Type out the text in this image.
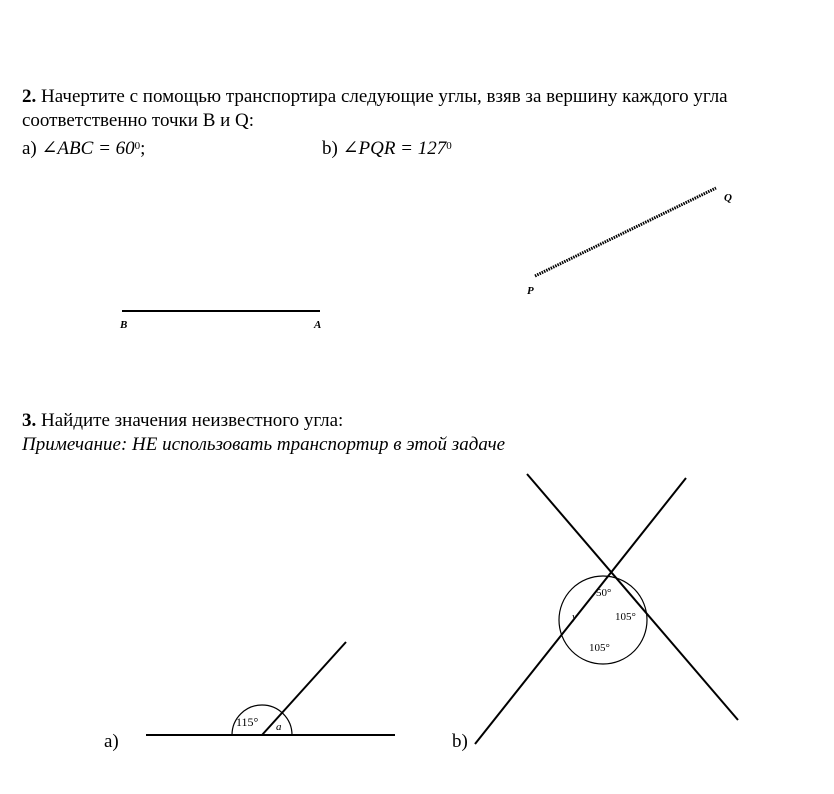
2. Начертите с помощью транспортира следующие углы, взяв за вершину каждого угла
соответственно точки B и Q:
a) ∠ABC = $60^0$;	b) ∠PQR = $127^0$
3. Найдите значения неизвестного угла:
Примечание: НЕ использовать транспортир в этой задаче
a)	b)
B	A
P
Q
115° a
50°
105°
105°
y
